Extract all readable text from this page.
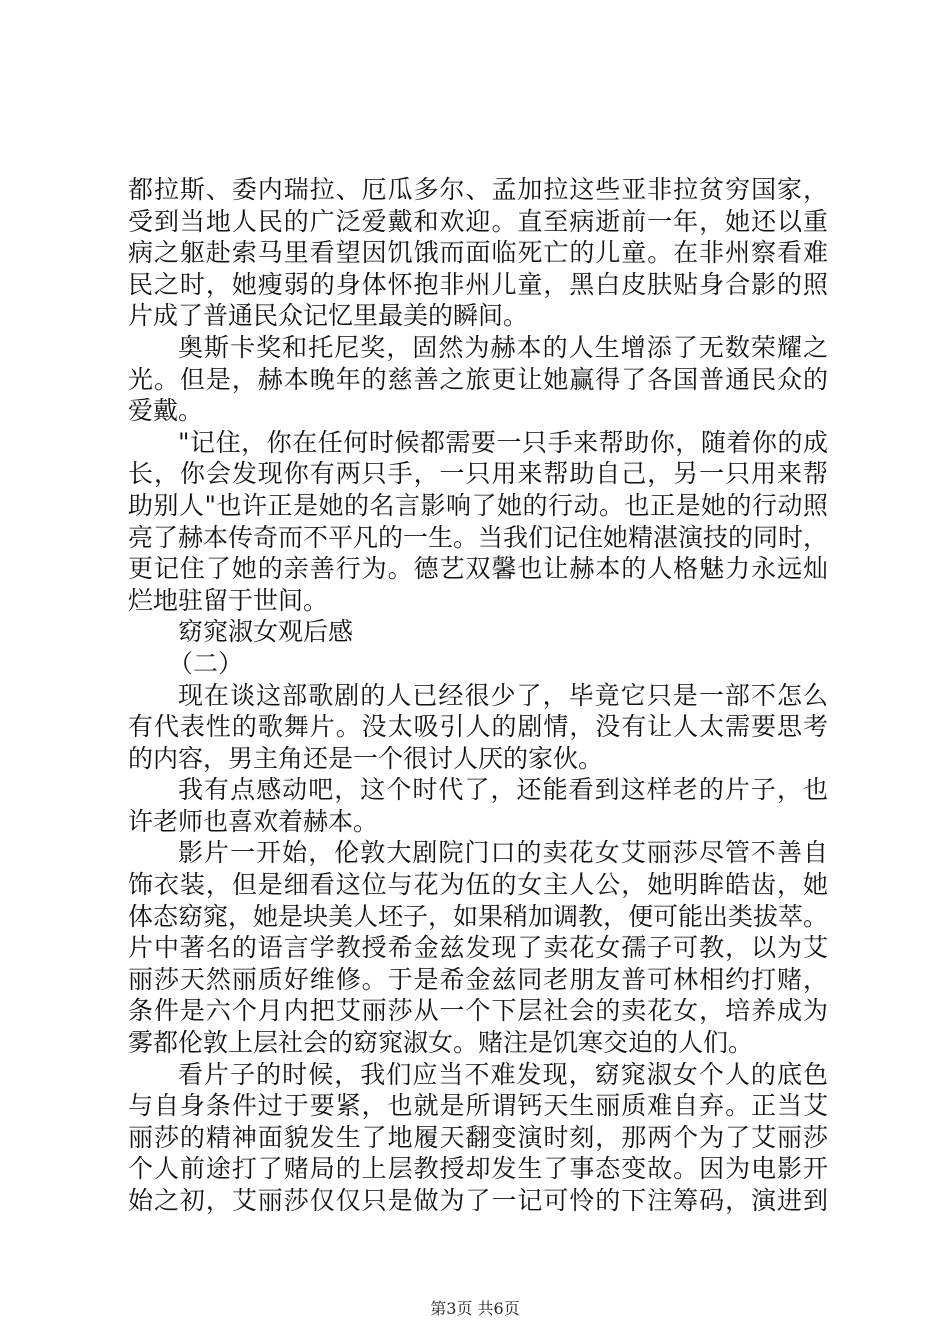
都拉斯、委内瑞拉、厄瓜多尔、孟加拉这些亚非拉贫穷国家，
受到当地人民的广泛爱戴和欢迎。直至病逝前一年，她还以重
病之躯赴索马里看望因饥饿而面临死亡的儿童。在非州察看难
民之时，她瘦弱的身体怀抱非州儿童，黑白皮肤贴身合影的照
片成了普通民众记忆里最美的瞬间。
奥斯卡奖和托尼奖，固然为赫本的人生增添了无数荣耀之
光。但是，赫本晚年的慈善之旅更让她赢得了各国普通民众的
爱戴。
"记住，你在任何时候都需要一只手来帮助你，随着你的成
长，你会发现你有两只手，一只用来帮助自己，另一只用来帮
助别人"也许正是她的名言影响了她的行动。也正是她的行动照
亮了赫本传奇而不平凡的一生。当我们记住她精湛演技的同时，
更记住了她的亲善行为。德艺双馨也让赫本的人格魅力永远灿
烂地驻留于世间。
窈窕淑女观后感
（二）
现在谈这部歌剧的人已经很少了，毕竟它只是一部不怎么
有代表性的歌舞片。没太吸引人的剧情，没有让人太需要思考
的内容，男主角还是一个很讨人厌的家伙。
我有点感动吧，这个时代了，还能看到这样老的片子，也
许老师也喜欢着赫本。
影片一开始，伦敦大剧院门口的卖花女艾丽莎尽管不善自
饰衣装，但是细看这位与花为伍的女主人公，她明眸皓齿，她
体态窈窕，她是块美人坯子，如果稍加调教，便可能出类拔萃。
片中著名的语言学教授希金兹发现了卖花女孺子可教，以为艾
丽莎天然丽质好维修。于是希金兹同老朋友普可林相约打赌，
条件是六个月内把艾丽莎从一个下层社会的卖花女，培养成为
雾都伦敦上层社会的窈窕淑女。赌注是饥寒交迫的人们。
看片子的时候，我们应当不难发现，窈窕淑女个人的底色
与自身条件过于要紧，也就是所谓钙天生丽质难自弃。正当艾
丽莎的精神面貌发生了地履天翻变演时刻，那两个为了艾丽莎
个人前途打了赌局的上层教授却发生了事态变故。因为电影开
始之初，艾丽莎仅仅只是做为了一记可怜的下注筹码，演进到
第3页 共6页
